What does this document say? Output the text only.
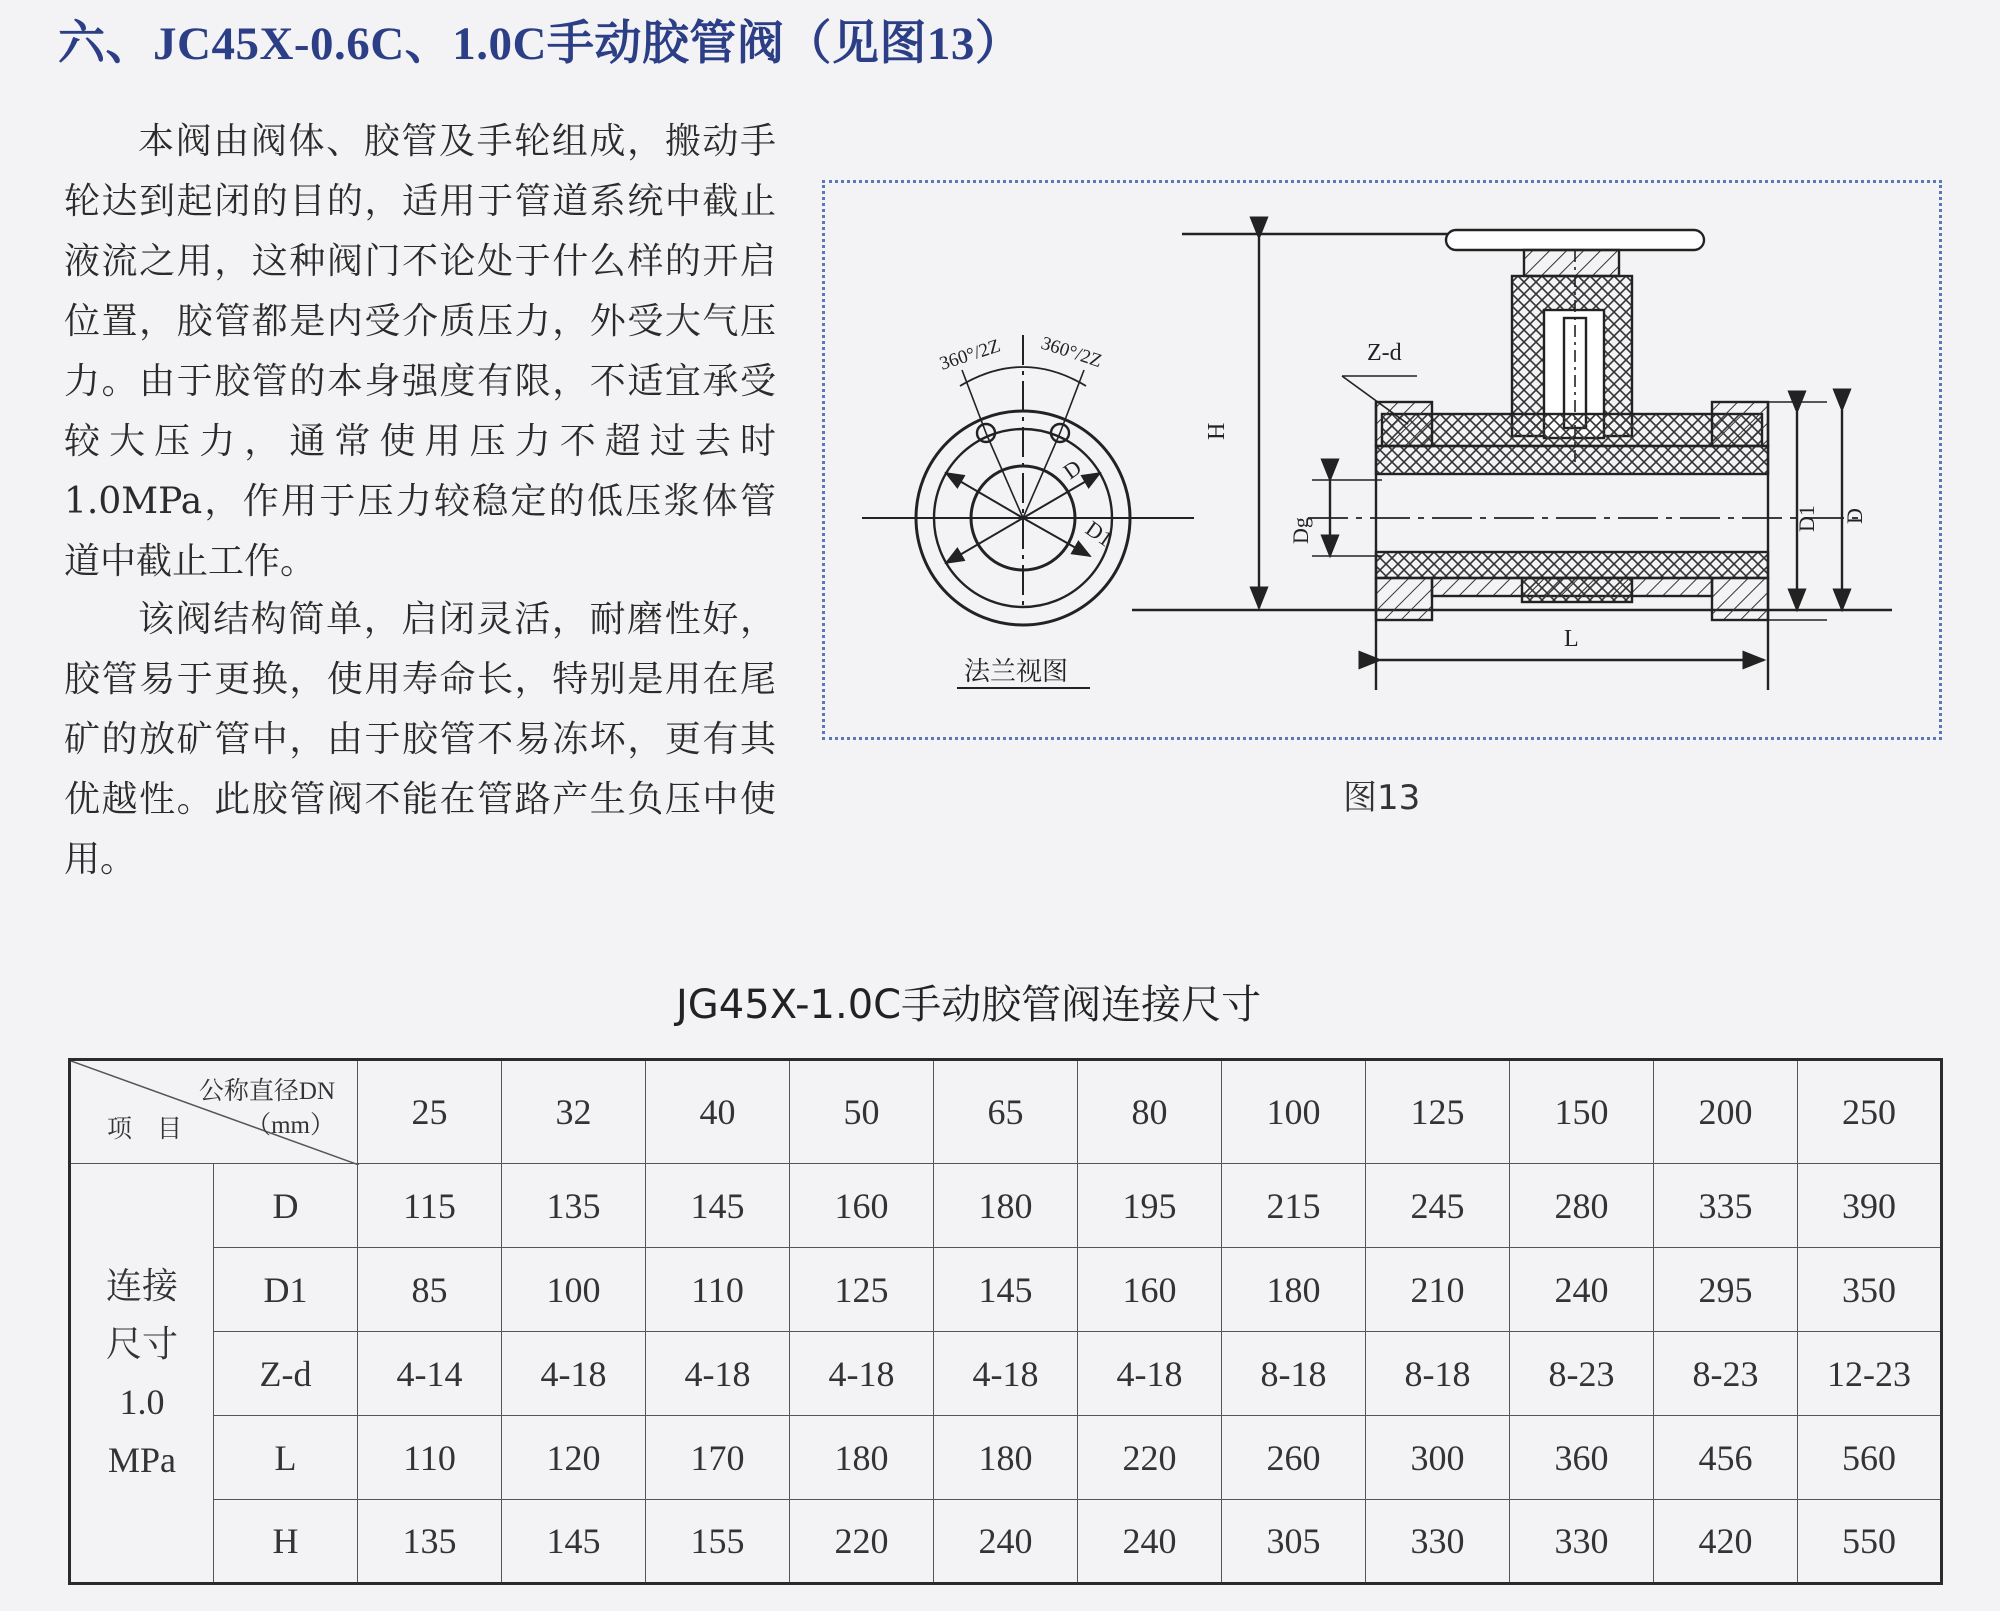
六、JC45X-0.6C、1.0C手动胶管阀（见图13）

本阀由阀体、胶管及手轮组成，搬动手轮达到起闭的目的，适用于管道系统中截止液流之用，这种阀门不论处于什么样的开启位置，胶管都是内受介质压力，外受大气压力。由于胶管的本身强度有限，不适宜承受较大压力，通常使用压力不超过去时1.0MPa，作用于压力较稳定的低压浆体管道中截止工作。

该阀结构简单，启闭灵活，耐磨性好，胶管易于更换，使用寿命长，特别是用在尾矿的放矿管中，由于胶管不易冻坏，更有其优越性。此胶管阀不能在管路产生负压中使用。

360°/2Z 360°/2Z
D
D1
法兰视图
Z-d
H
Dg
L
D1 D
图13
JG45X-1.0C手动胶管阀连接尺寸
公称直径DN
（mm）
项　目		25	32	40	50	65	80	100	125	150	200	250

连接
尺寸
1.0
MPa	D	115	135	145	160	180	195	215	245	280	335	390
	D1	85	100	110	125	145	160	180	210	240	295	350
	Z-d	4-14	4-18	4-18	4-18	4-18	4-18	8-18	8-18	8-23	8-23	12-23
	L	110	120	170	180	180	220	260	300	360	456	560
	H	135	145	155	220	240	240	305	330	330	420	550
